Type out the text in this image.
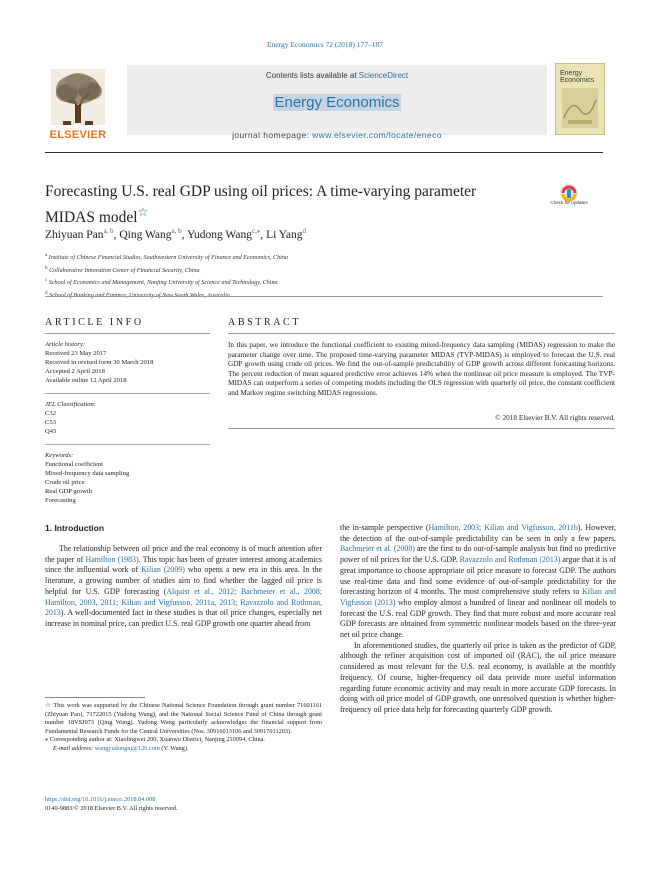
Energy Economics 72 (2018) 177–187
ELSEVIER
Contents lists available at ScienceDirect
Energy Economics
journal homepage: www.elsevier.com/locate/eneco
Energy Economics
Forecasting U.S. real GDP using oil prices: A time-varying parameter MIDAS model☆
Check for updates
Zhiyuan Pan$^{a, b}$, Qing Wang$^{a, b}$, Yudong Wang$^{c,⁎}$, Li Yang$^d$
$^a$ Institute of Chinese Financial Studies, Southwestern University of Finance and Economics, China
$^b$ Collaborative Innovation Center of Financial Security, China
$^c$ School of Economics and Management, Nanjing University of Science and Technology, China
$^d$ School of Banking and Finance, University of New South Wales, Australia
ARTICLE INFO	ABSTRACT
Article history:
Received 23 May 2017
Received in revised form 30 March 2018
Accepted 2 April 2018
Available online 12 April 2018
JEL Classification:
C32
C53
Q43
Keywords:
Functional coefficient
Mixed-frequency data sampling
Crude oil price
Real GDP growth
Forecasting
In this paper, we introduce the functional coefficient to existing mixed-frequency data sampling (MIDAS) regression to make the parameter change over time. The proposed time-varying parameter MIDAS (TVP-MIDAS) is employed to forecast the U.S. real GDP growth using crude oil prices. We find the out-of-sample predictability of GDP growth across different forecasting horizons. The percent reduction of mean squared predictive error achieves 14% when the nonlinear oil price measure is employed. The TVP-MIDAS can outperform a series of competing models including the OLS regression with quarterly oil price, the constant coefficient and Markov regime switching MIDAS regressions.
© 2018 Elsevier B.V. All rights reserved.
1. Introduction
The relationship between oil price and the real economy is of much attention after the paper of Hamilton (1983). This topic has been of greater interest among academics since the influential work of Kilian (2009) who opens a new era in this area. In the literature, a growing number of studies aim to find whether the lagged oil price is helpful for U.S. GDP forecasting (Alquist et al., 2012; Bachmeier et al., 2008; Hamilton, 2003, 2011; Kilian and Vigfusson, 2011a, 2013; Ravazzolo and Rothman, 2013). A well-documented fact in these studies is that oil price changes, especially net increase in nominal price, can predict U.S. real GDP growth one quarter ahead from

the in-sample perspective (Hamilton, 2003; Kilian and Vigfusson, 2011b). However, the detection of the out-of-sample predictability can be seen in only a few papers. Bachmeier et al. (2008) are the first to do out-of-sample analysis but find no predictive power of oil prices for the U.S. GDP. Ravazzolo and Rothman (2013) argue that it is of great importance to choose appropriate oil price measure to forecast GDP. The authors use real-time data and find some evidence of out-of-sample predictability for the forecasting horizon of 4 months. The most comprehensive study refers to Kilian and Vigfusson (2013) who employ almost a hundred of linear and nonlinear oil models to forecast the U.S. real GDP growth. They find that more robust and more accurate real GDP forecasts are obtained from symmetric nonlinear models based on the three-year net oil price change.

In aforementioned studies, the quarterly oil price is taken as the predictor of GDP, although the refiner acquisition cost of imported oil (RAC), the oil price measure considered as most relevant for the U.S. real economy, is available at the monthly frequency. Of course, higher-frequency oil data provide more useful information regarding future economic activity and may result in more accurate GDP forecasts. In doing with oil price model of GDP growth, one unresolved question is whether higher-frequency oil price data help for forecasting quarterly GDP growth.

☆ This work was supported by the Chinese National Science Foundation through grant number 71601161 (Zhiyuan Pan), 71722015 (Yudong Wang), and the National Social Science Fund of China through grant number 18VSJ073 (Qing Wang). Yudong Wang particularly acknowledges the financial support from Fundamental Research Funds for the Central Universities (Nos. 30916013106 and 30917011203).

⁎ Corresponding author at: Xiaolingwei 200, Xuanwu District, Nanjing 210094, China.

E-mail address: wangyudongnj@126.com (Y. Wang).

https://doi.org/10.1016/j.eneco.2018.04.008
0140-9883/© 2018 Elsevier B.V. All rights reserved.
